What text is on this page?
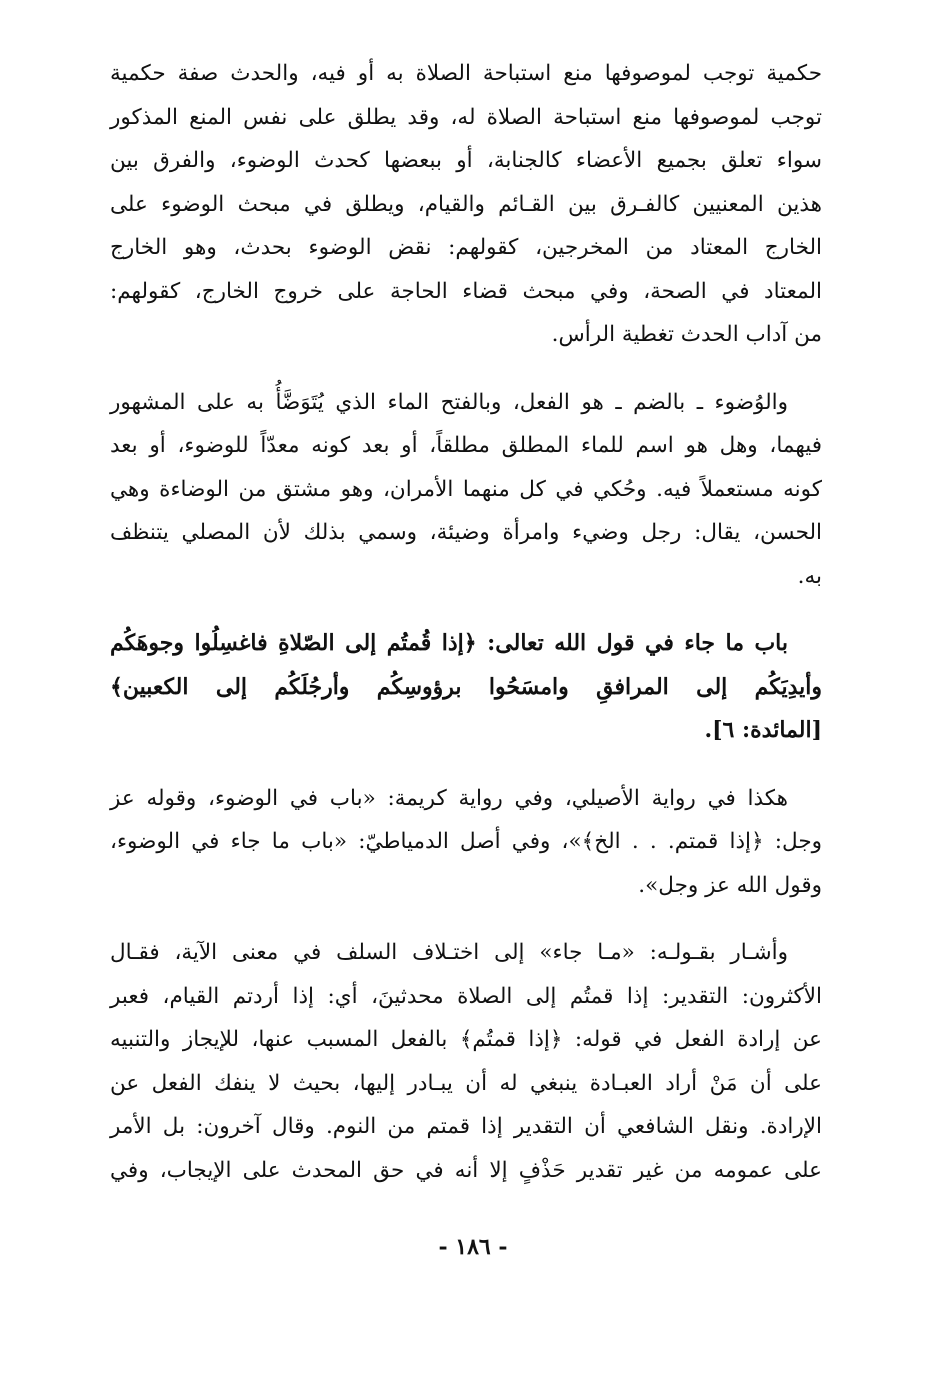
حكمية توجب لموصوفها منع استباحة الصلاة به أو فيه، والحدث صفة حكمية
توجب لموصوفها منع استباحة الصلاة له، وقد يطلق على نفس المنع المذكور
سواء تعلق بجميع الأعضاء كالجنابة، أو ببعضها كحدث الوضوء، والفرق بين
هذين المعنيين كالفـرق بين القـائم والقيام، ويطلق في مبحث الوضوء على
الخارج المعتاد من المخرجين، كقولهم: نقض الوضوء بحدث، وهو الخارج
المعتاد في الصحة، وفي مبحث قضاء الحاجة على خروج الخارج، كقولهم:
من آداب الحدث تغطية الرأس.
والوُضوء ـ بالضم ـ هو الفعل، وبالفتح الماء الذي يُتَوَضَّأُ به على المشهور
فيهما، وهل هو اسم للماء المطلق مطلقاً، أو بعد كونه معدّاً للوضوء، أو بعد
كونه مستعملاً فيه. وحُكي في كل منهما الأمران، وهو مشتق من الوضاءة وهي
الحسن، يقال: رجل وضيء وامرأة وضيئة، وسمي بذلك لأن المصلي يتنظف
به.
باب ما جاء في قول الله تعالى: ﴿إذا قُمتُم إلى الصّلاةِ فاغسِلُوا وجوهَكُم
وأيدِيَكُم إلى المرافقِ وامسَحُوا برؤوسِكُم وأرجُلَكُم إلى الكعبين﴾
[المائدة: ٦].
هكذا في رواية الأصيلي، وفي رواية كريمة: «باب في الوضوء، وقوله عز
وجل: ﴿إذا قمتم. . . الخ﴾»، وفي أصل الدمياطيّ: «باب ما جاء في الوضوء،
وقول الله عز وجل».
وأشـار بقـولـه: «مـا جاء» إلى اختـلاف السلف في معنى الآية، فقـال
الأكثرون: التقدير: إذا قمتُم إلى الصلاة محدثينَ، أي: إذا أردتم القيام، فعبر
عن إرادة الفعل في قوله: ﴿إذا قمتُم﴾ بالفعل المسبب عنها، للإيجاز والتنبيه
على أن مَنْ أراد العبـادة ينبغي له أن يبـادر إليها، بحيث لا ينفك الفعل عن
الإرادة. ونقل الشافعي أن التقدير إذا قمتم من النوم. وقال آخرون: بل الأمر
على عمومه من غير تقدير حَذْفٍ إلا أنه في حق المحدث على الإيجاب، وفي
- ١٨٦ -
